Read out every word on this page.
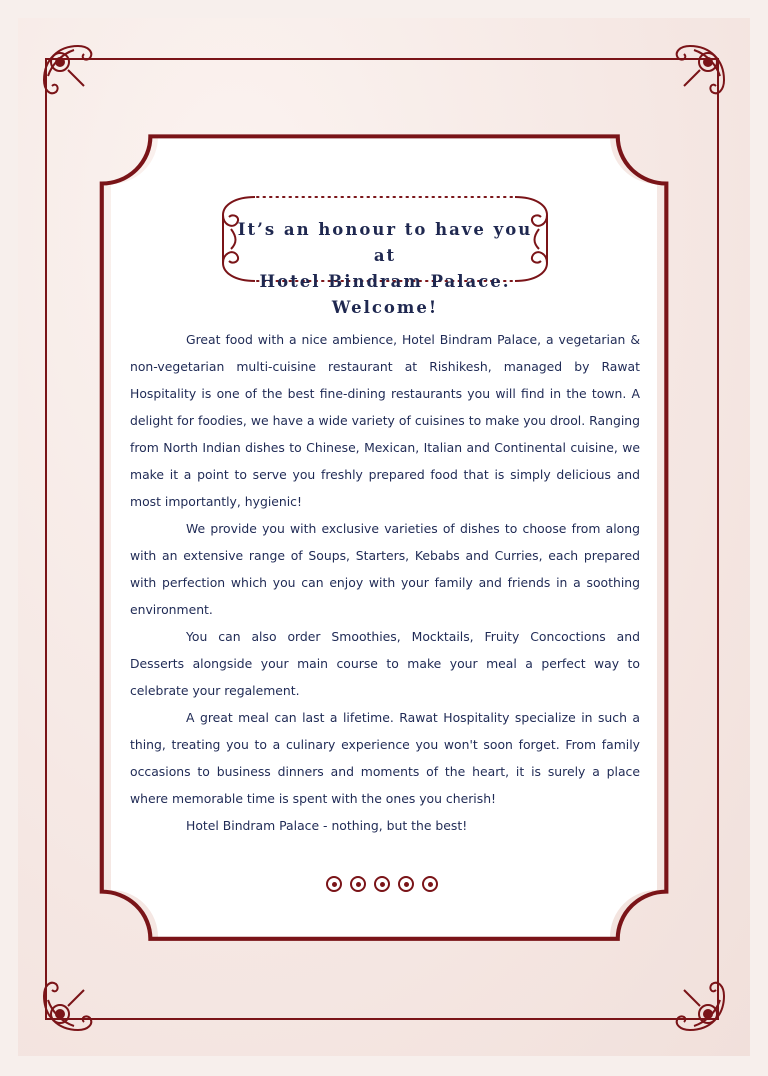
It’s an honour to have you at
Hotel Bindram Palace. Welcome!

Great food with a nice ambience, Hotel Bindram Palace, a vegetarian & non-vegetarian multi-cuisine restaurant at Rishikesh, managed by Rawat Hospitality is one of the best fine-dining restaurants you will find in the town. A delight for foodies, we have a wide variety of cuisines to make you drool. Ranging from North Indian dishes to Chinese, Mexican, Italian and Continental cuisine, we make it a point to serve you freshly prepared food that is simply delicious and most importantly, hygienic!

We provide you with exclusive varieties of dishes to choose from along with an extensive range of Soups, Starters, Kebabs and Curries, each prepared with perfection which you can enjoy with your family and friends in a soothing environment.

You can also order Smoothies, Mocktails, Fruity Concoctions and Desserts alongside your main course to make your meal a perfect way to celebrate your regalement.

A great meal can last a lifetime. Rawat Hospitality specialize in such a thing, treating you to a culinary experience you won't soon forget. From family occasions to business dinners and moments of the heart, it is surely a place where memorable time is spent with the ones you cherish!

Hotel Bindram Palace - nothing, but the best!
